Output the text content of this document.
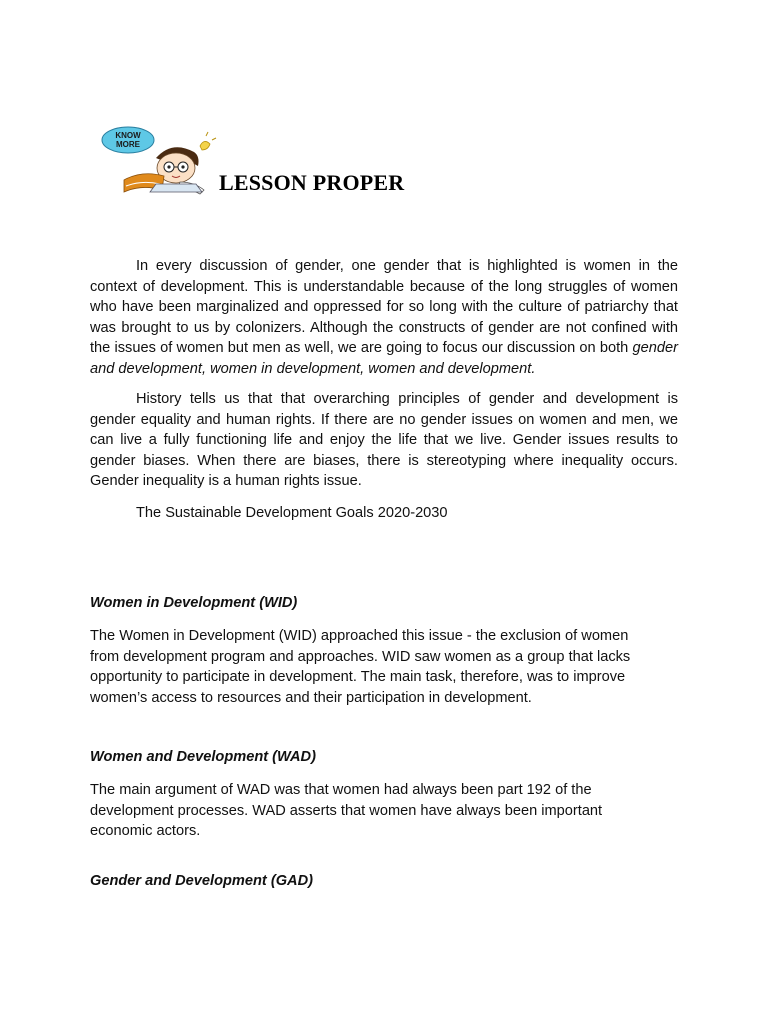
KNOW
MORE
LESSON PROPER

In every discussion of gender, one gender that is highlighted is women in the context of development. This is understandable because of the long struggles of women who have been marginalized and oppressed for so long with the culture of patriarchy that was brought to us by colonizers. Although the constructs of gender are not confined with the issues of women but men as well, we are going to focus our discussion on both gender and development, women in development, women and development.

History tells us that that overarching principles of gender and development is gender equality and human rights. If there are no gender issues on women and men, we can live a fully functioning life and enjoy the life that we live. Gender issues results to gender biases. When there are biases, there is stereotyping where inequality occurs. Gender inequality is a human rights issue.

The Sustainable Development Goals 2020-2030

Women in Development (WID)
The Women in Development (WID) approached this issue - the exclusion of women
from development program and approaches. WID saw women as a group that lacks
opportunity to participate in development. The main task, therefore, was to improve
women’s access to resources and their participation in development.
Women and Development (WAD)
The main argument of WAD was that women had always been part 192 of the
development processes. WAD asserts that women have always been important
economic actors.
Gender and Development (GAD)
